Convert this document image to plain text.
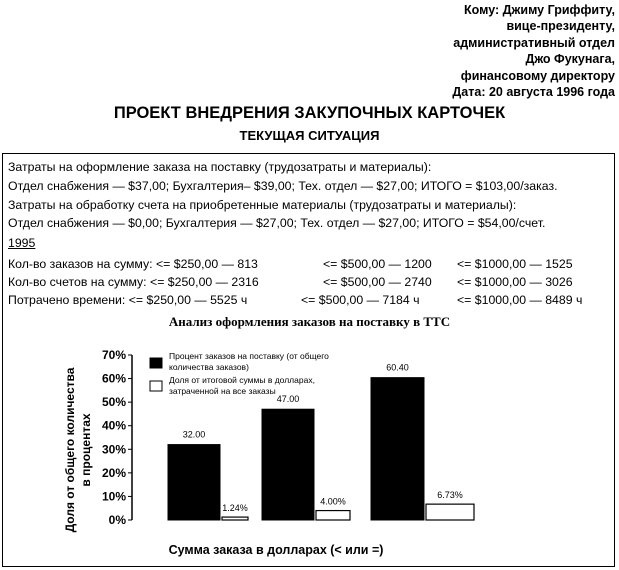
Кому: Джиму Гриффиту,
вице-президенту,
административный отдел
Джо Фукунага,
финансовому директору
Дата: 20 августа 1996 года
ПРОЕКТ ВНЕДРЕНИЯ ЗАКУПОЧНЫХ КАРТОЧЕК
ТЕКУЩАЯ СИТУАЦИЯ
Затраты на оформление заказа на поставку (трудозатраты и материалы):
Отдел снабжения — $37,00; Бухгалтерия– $39,00; Тех. отдел — $27,00; ИТОГО = $103,00/заказ.
Затраты на обработку счета на приобретенные материалы (трудозатраты и материалы):
Отдел снабжения — $0,00; Бухгалтерия — $27,00; Тех. отдел — $27,00; ИТОГО = $54,00/счет.
1995
Кол-во заказов на сумму: <= $250,00 — 813	<= $500,00 — 1200 <= $1000,00 — 1525
Кол-во счетов на сумму: <= $250,00 — 2316	<= $500,00 — 2740 <= $1000,00 — 3026
Потрачено времени: <= $250,00 — 5525 ч	<= $500,00 — 7184 ч	<= $1000,00 — 8489 ч
Анализ оформления заказов на поставку в ТТС
0%
10%
20%
30%
40%
50%
60%
70%
32.00
1.24%
47.00
4.00%
60.40
6.73%
Процент заказов на поставку (от общего
количества заказов)
Доля от итоговой суммы в долларах,
затраченной на все заказы
Доля от общего количества в процентах
Сумма заказа в долларах (< или =)
